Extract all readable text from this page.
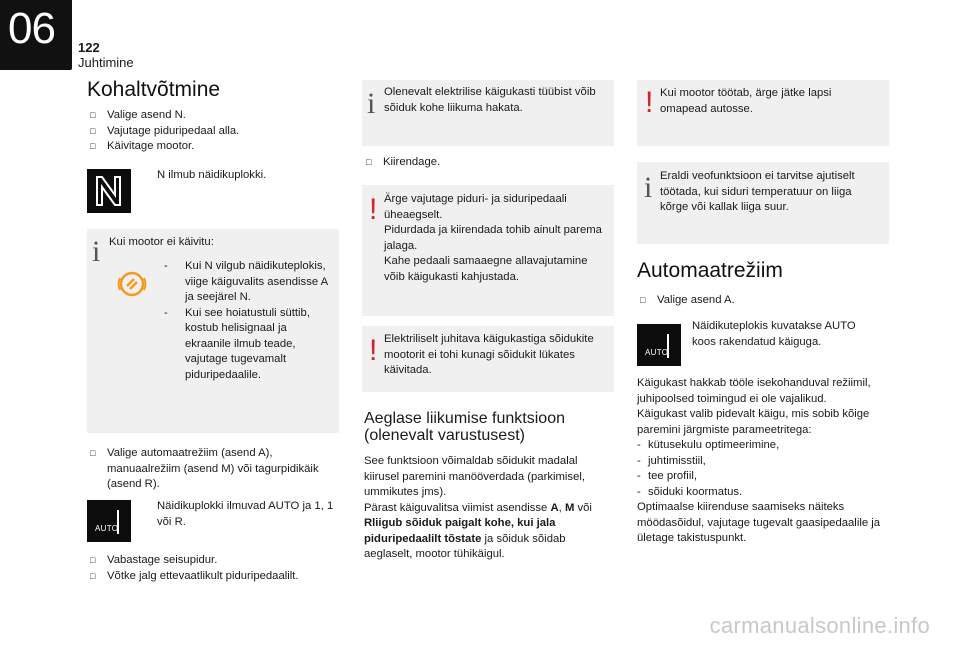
06 122
Juhtimine
Kohaltvõtmine
□ Valige asend N.
□ Vajutage piduripedaal alla.
□ Käivitage mootor.
N ilmub näidikuplokki.
i Kui mootor ei käivitu:
- Kui N vilgub näidikuteplokis, viige käiguvalits asendisse A ja seejärel N.
- Kui see hoiatustuli süttib, kostub helisignaal ja ekraanile ilmub teade, vajutage tugevamalt piduripedaalile.
□ Valige automaatrežiim (asend A), manuaalrežiim (asend M) või tagurpidikäik (asend R).
AUTO
Näidikuplokki ilmuvad AUTO ja 1, 1 või R.
□ Vabastage seisupidur.
□ Võtke jalg ettevaatlikult piduripedaalilt.
i Olenevalt elektrilise käigukasti tüübist võib sõiduk kohe liikuma hakata.
□ Kiirendage.
! Ärge vajutage piduri- ja siduripedaali üheaegselt.
Pidurdada ja kiirendada tohib ainult parema jalaga.
Kahe pedaali samaaegne allavajutamine võib käigukasti kahjustada.
! Elektriliselt juhitava käigukastiga sõidukite mootorit ei tohi kunagi sõidukit lükates käivitada.
Aeglase liikumise funktsioon (olenevalt varustusest)
See funktsioon võimaldab sõidukit madalal kiirusel paremini manööverdada (parkimisel, ummikutes jms).
Pärast käiguvalitsa viimist asendisse A, M või Rliigub sõiduk paigalt kohe, kui jala piduripedaalilt tõstate ja sõiduk sõidab aeglaselt, mootor tühikäigul.
! Kui mootor töötab, ärge jätke lapsi omapead autosse.
i Eraldi veofunktsioon ei tarvitse ajutiselt töötada, kui siduri temperatuur on liiga kõrge või kallak liiga suur.
Automaatrežiim
□ Valige asend A.
AUTO
Näidikuteplokis kuvatakse AUTO koos rakendatud käiguga.
Käigukast hakkab tööle isekohanduval režiimil, juhipoolsed toimingud ei ole vajalikud.
Käigukast valib pidevalt käigu, mis sobib kõige paremini järgmiste parameetritega:
- kütusekulu optimeerimine,
- juhtimisstiil,
- tee profiil,
- sõiduki koormatus.
Optimaalse kiirenduse saamiseks näiteks möödasõidul, vajutage tugevalt gaasipedaalile ja ületage takistuspunkt.
carmanualsonline.info
